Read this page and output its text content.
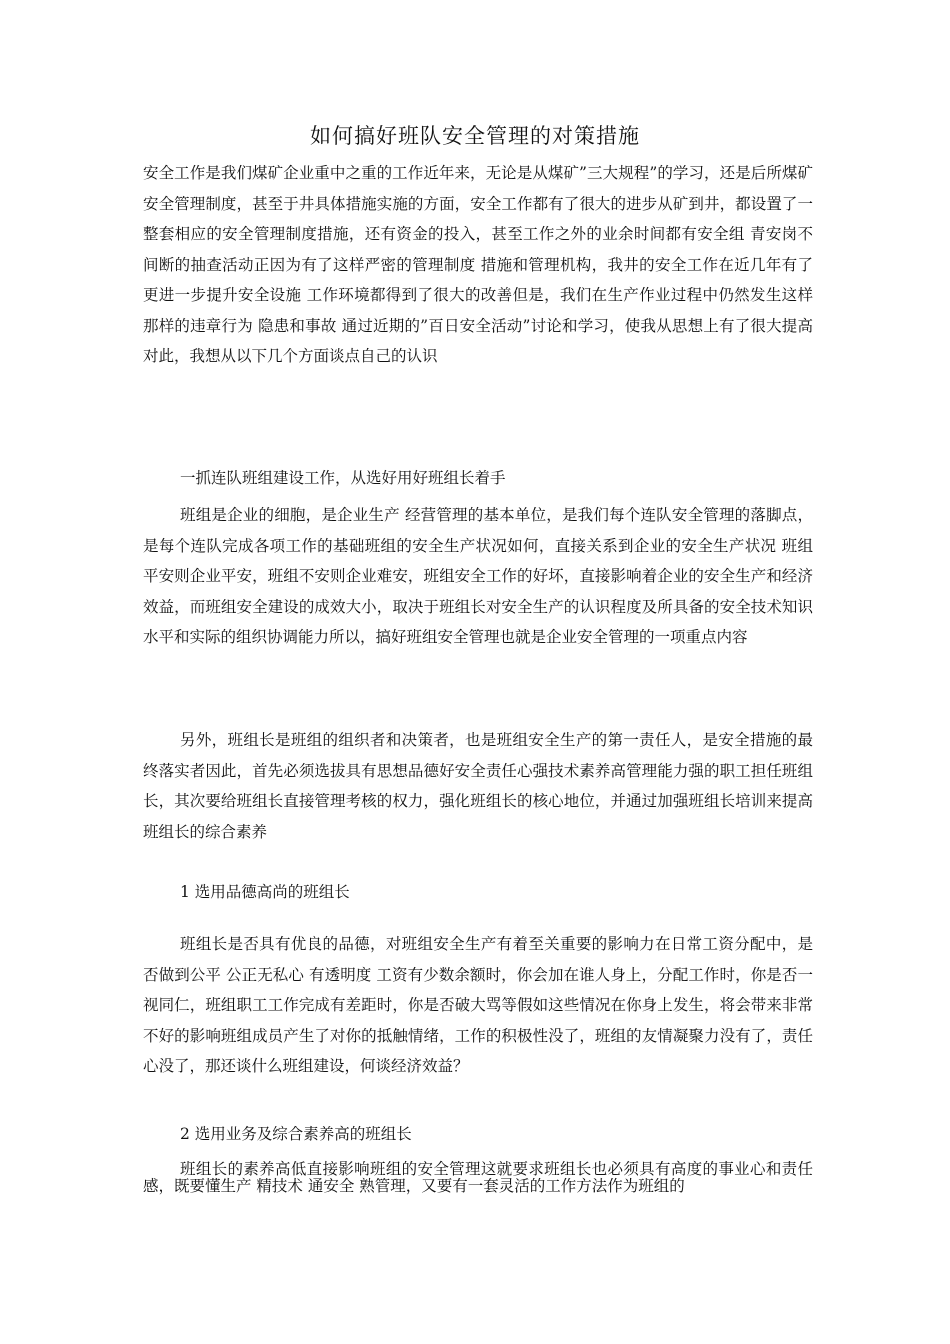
如何搞好班队安全管理的对策措施

安全工作是我们煤矿企业重中之重的工作近年来，无论是从煤矿”三大规程”的学习，还是后所煤矿安全管理制度，甚至于井具体措施实施的方面，安全工作都有了很大的进步从矿到井，都设置了一整套相应的安全管理制度措施，还有资金的投入，甚至工作之外的业余时间都有安全组 青安岗不间断的抽查活动正因为有了这样严密的管理制度 措施和管理机构，我井的安全工作在近几年有了更进一步提升安全设施 工作环境都得到了很大的改善但是，我们在生产作业过程中仍然发生这样那样的违章行为 隐患和事故 通过近期的”百日安全活动”讨论和学习，使我从思想上有了很大提高对此，我想从以下几个方面谈点自己的认识

一抓连队班组建设工作，从选好用好班组长着手

班组是企业的细胞，是企业生产 经营管理的基本单位，是我们每个连队安全管理的落脚点，是每个连队完成各项工作的基础班组的安全生产状况如何，直接关系到企业的安全生产状况 班组平安则企业平安，班组不安则企业难安，班组安全工作的好坏，直接影响着企业的安全生产和经济效益，而班组安全建设的成效大小，取决于班组长对安全生产的认识程度及所具备的安全技术知识水平和实际的组织协调能力所以，搞好班组安全管理也就是企业安全管理的一项重点内容

另外，班组长是班组的组织者和决策者，也是班组安全生产的第一责任人，是安全措施的最终落实者因此，首先必须选拔具有思想品德好安全责任心强技术素养高管理能力强的职工担任班组长，其次要给班组长直接管理考核的权力，强化班组长的核心地位，并通过加强班组长培训来提高班组长的综合素养

1 选用品德高尚的班组长

班组长是否具有优良的品德，对班组安全生产有着至关重要的影响力在日常工资分配中，是否做到公平 公正无私心 有透明度 工资有少数余额时，你会加在谁人身上，分配工作时，你是否一视同仁，班组职工工作完成有差距时，你是否破大骂等假如这些情况在你身上发生，将会带来非常不好的影响班组成员产生了对你的抵触情绪，工作的积极性没了，班组的友情凝聚力没有了，责任心没了，那还谈什么班组建设，何谈经济效益？

2 选用业务及综合素养高的班组长

班组长的素养高低直接影响班组的安全管理这就要求班组长也必须具有高度的事业心和责任感，既要懂生产 精技术 通安全 熟管理，又要有一套灵活的工作方法作为班组的
